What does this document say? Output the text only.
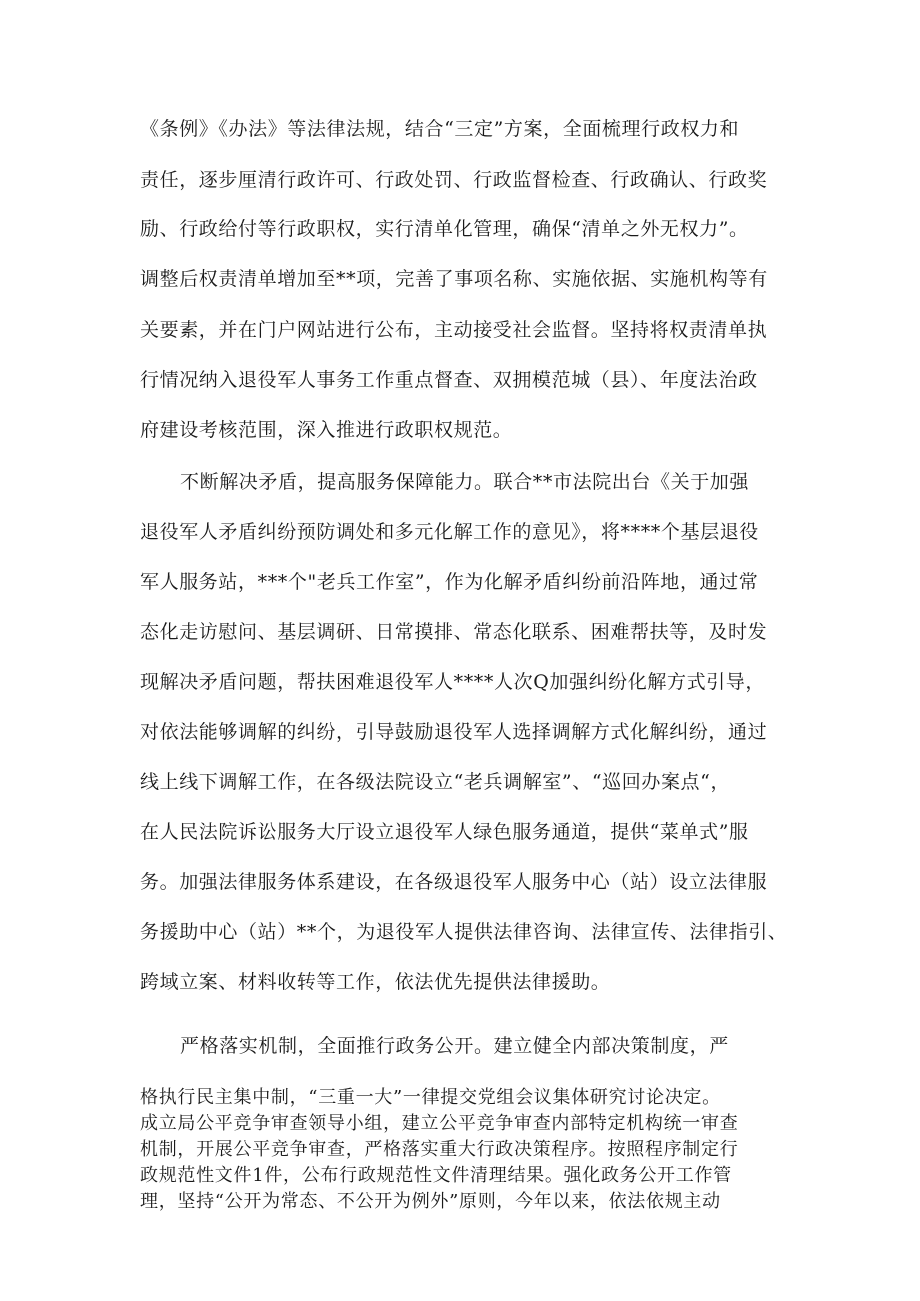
《条例》《办法》等法律法规，结合“三定”方案，全面梳理行政权力和
责任，逐步厘清行政许可、行政处罚、行政监督检查、行政确认、行政奖
励、行政给付等行政职权，实行清单化管理，确保“清单之外无权力”。
调整后权责清单增加至**项，完善了事项名称、实施依据、实施机构等有
关要素，并在门户网站进行公布，主动接受社会监督。坚持将权责清单执
行情况纳入退役军人事务工作重点督查、双拥模范城（县）、年度法治政
府建设考核范围，深入推进行政职权规范。
不断解决矛盾，提高服务保障能力。联合**市法院出台《关于加强
退役军人矛盾纠纷预防调处和多元化解工作的意见》，将****个基层退役
军人服务站，***个"老兵工作室”，作为化解矛盾纠纷前沿阵地，通过常
态化走访慰问、基层调研、日常摸排、常态化联系、困难帮扶等，及时发
现解决矛盾问题，帮扶困难退役军人****人次Q加强纠纷化解方式引导，
对依法能够调解的纠纷，引导鼓励退役军人选择调解方式化解纠纷，通过
线上线下调解工作，在各级法院设立“老兵调解室”、“巡回办案点“，
在人民法院诉讼服务大厅设立退役军人绿色服务通道，提供“菜单式”服
务。加强法律服务体系建设，在各级退役军人服务中心（站）设立法律服
务援助中心（站）**个，为退役军人提供法律咨询、法律宣传、法律指引、
跨域立案、材料收转等工作，依法优先提供法律援助。
严格落实机制，全面推行政务公开。建立健全内部决策制度，严
格执行民主集中制，“三重一大”一律提交党组会议集体研究讨论决定。
成立局公平竞争审查领导小组，建立公平竞争审查内部特定机构统一审查
机制，开展公平竞争审查，严格落实重大行政决策程序。按照程序制定行
政规范性文件1件，公布行政规范性文件清理结果。强化政务公开工作管
理，坚持“公开为常态、不公开为例外”原则，今年以来，依法依规主动
